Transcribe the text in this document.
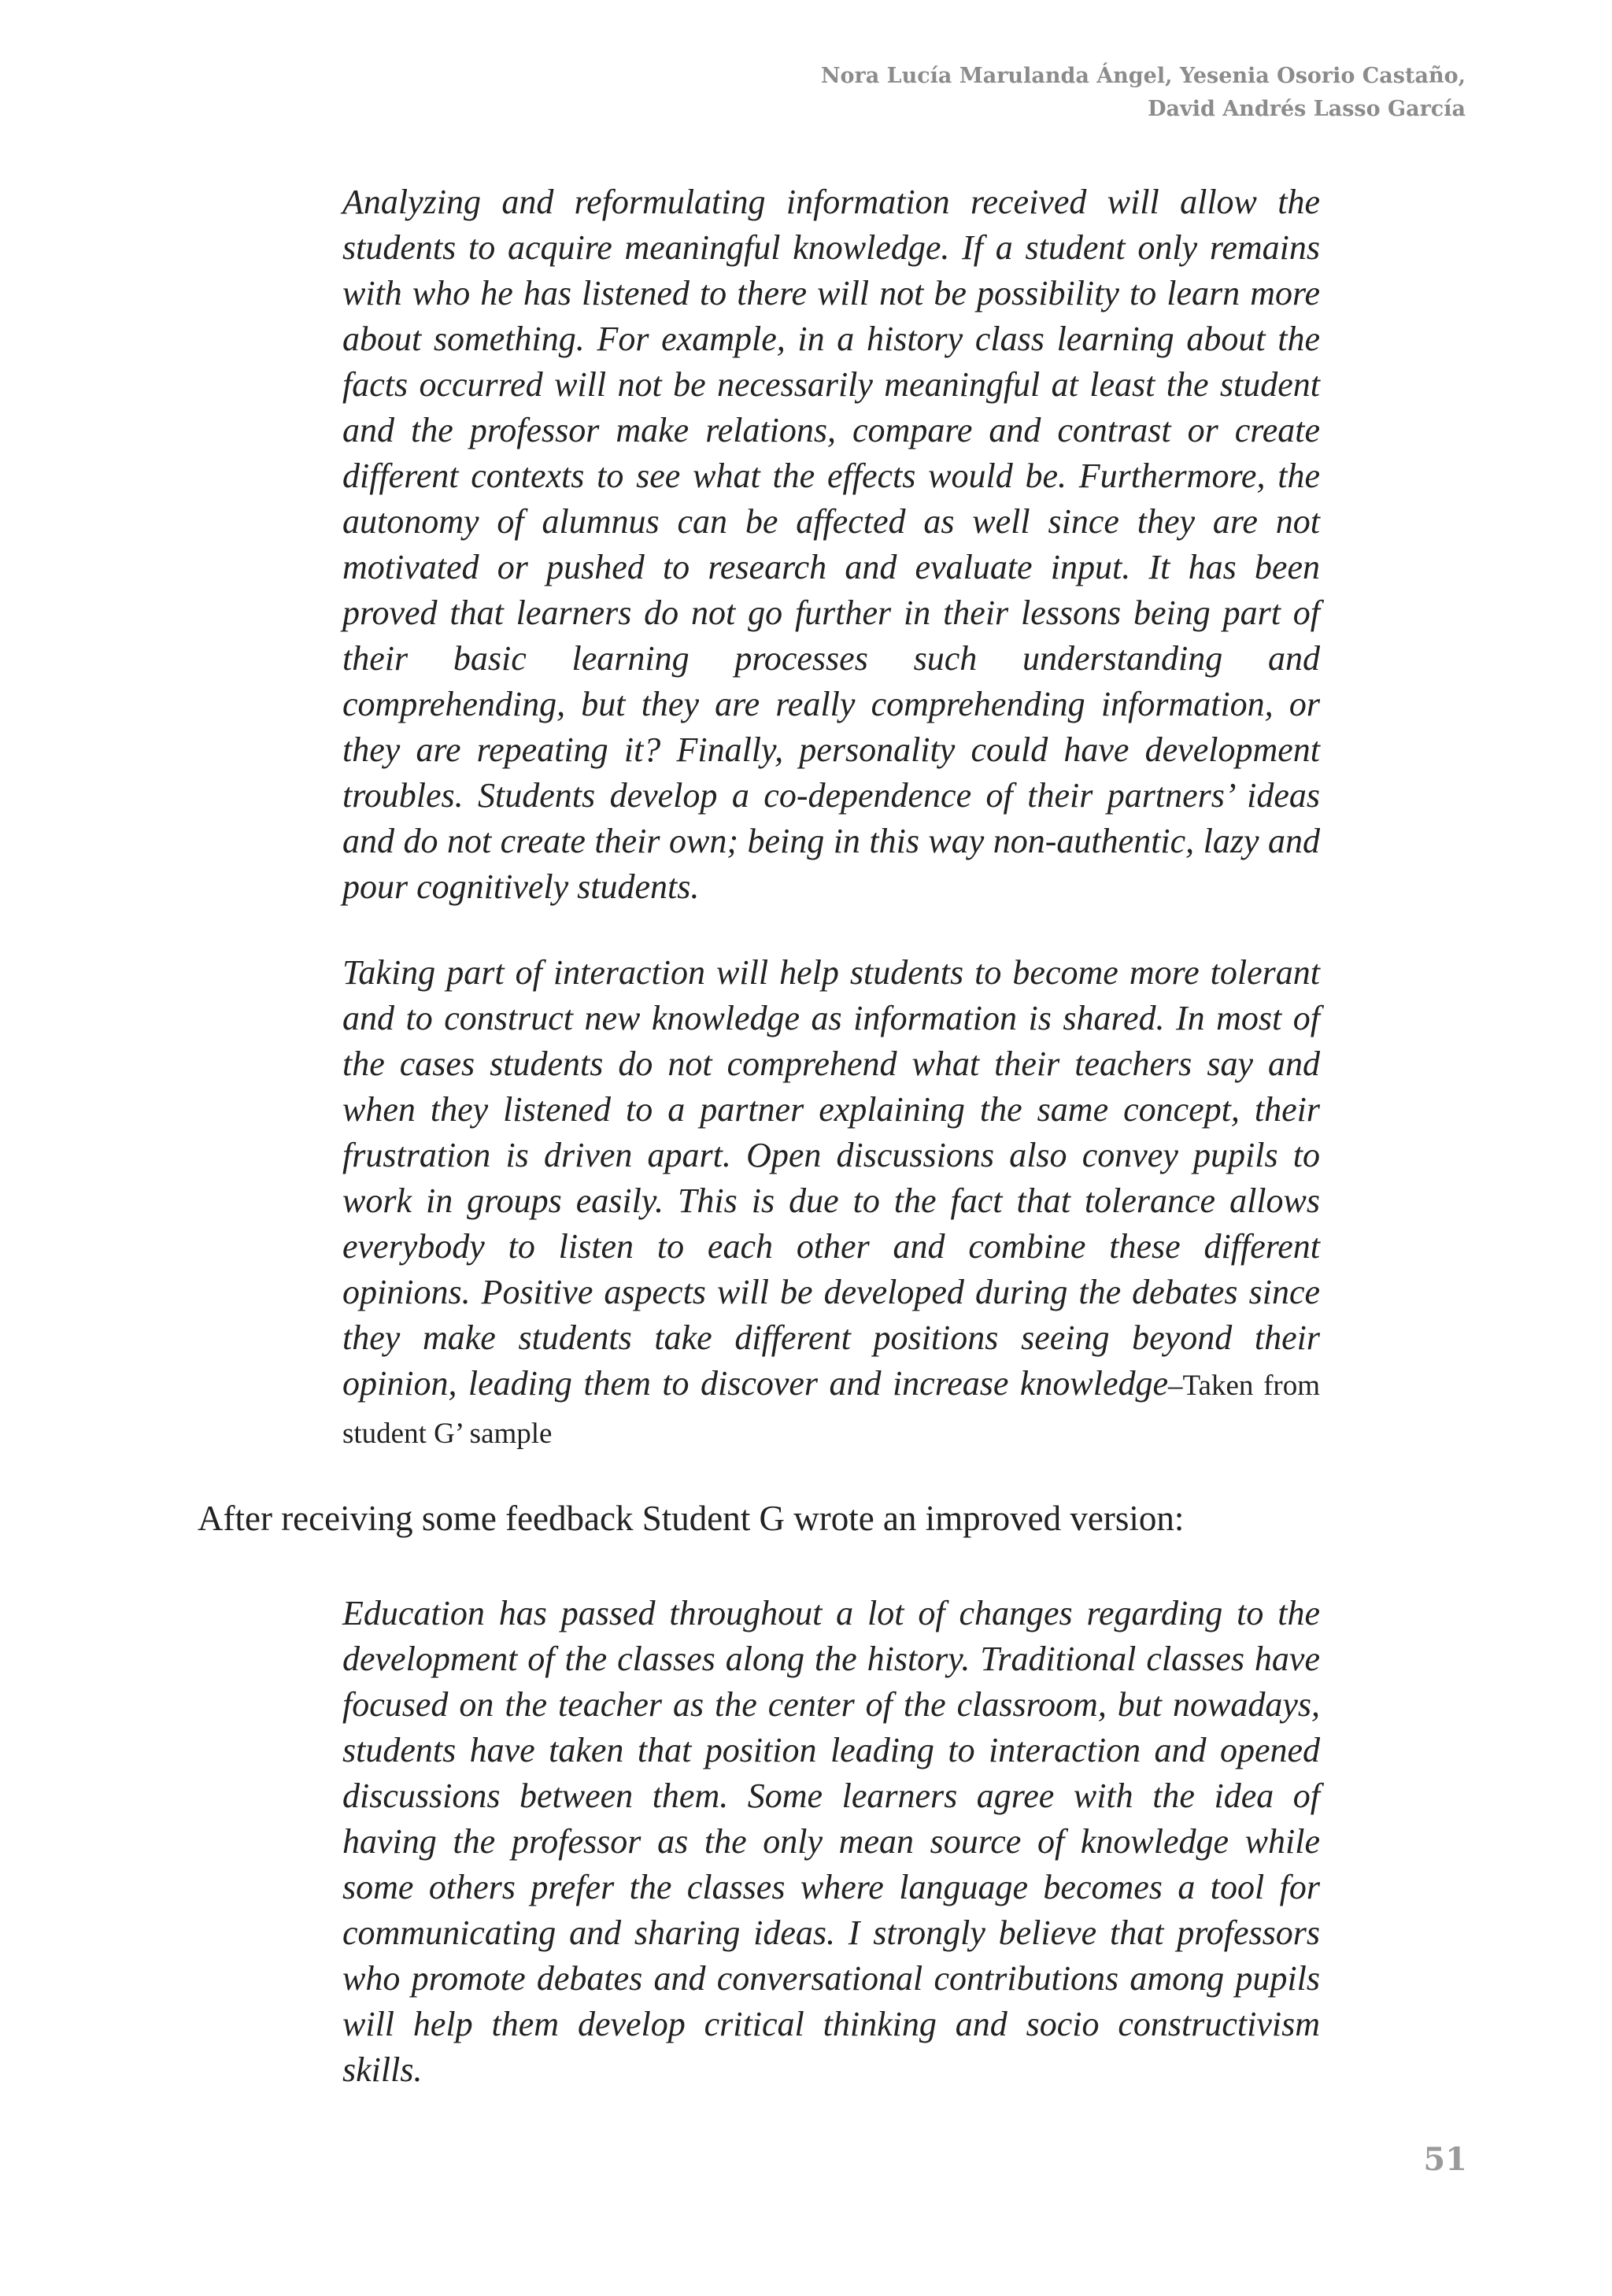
Nora Lucía Marulanda Ángel, Yesenia Osorio Castaño,
David Andrés Lasso García

Analyzing and reformulating information received will allow the students to acquire meaningful knowledge. If a student only remains with who he has listened to there will not be possibility to learn more about something. For example, in a history class learning about the facts occurred will not be necessarily meaningful at least the student and the professor make relations, compare and contrast or create different contexts to see what the effects would be. Furthermore, the autonomy of alumnus can be affected as well since they are not motivated or pushed to research and evaluate input. It has been proved that learners do not go further in their lessons being part of their basic learning processes such understanding and comprehending, but they are really comprehending information, or they are repeating it? Finally, personality could have development troubles. Students develop a co-dependence of their partners’ ideas and do not create their own; being in this way non-authentic, lazy and pour cognitively students.

Taking part of interaction will help students to become more tolerant and to construct new knowledge as information is shared. In most of the cases students do not comprehend what their teachers say and when they listened to a partner explaining the same concept, their frustration is driven apart. Open discussions also convey pupils to work in groups easily. This is due to the fact that tolerance allows everybody to listen to each other and combine these different opinions. Positive aspects will be developed during the debates since they make students take different positions seeing beyond their opinion, leading them to discover and increase knowledge–Taken from student G’ sample

After receiving some feedback Student G wrote an improved version:

Education has passed throughout a lot of changes regarding to the development of the classes along the history. Traditional classes have focused on the teacher as the center of the classroom, but nowadays, students have taken that position leading to interaction and opened discussions between them. Some learners agree with the idea of having the professor as the only mean source of knowledge while some others prefer the classes where language becomes a tool for communicating and sharing ideas. I strongly believe that professors who promote debates and conversational contributions among pupils will help them develop critical thinking and socio constructivism skills.

51
